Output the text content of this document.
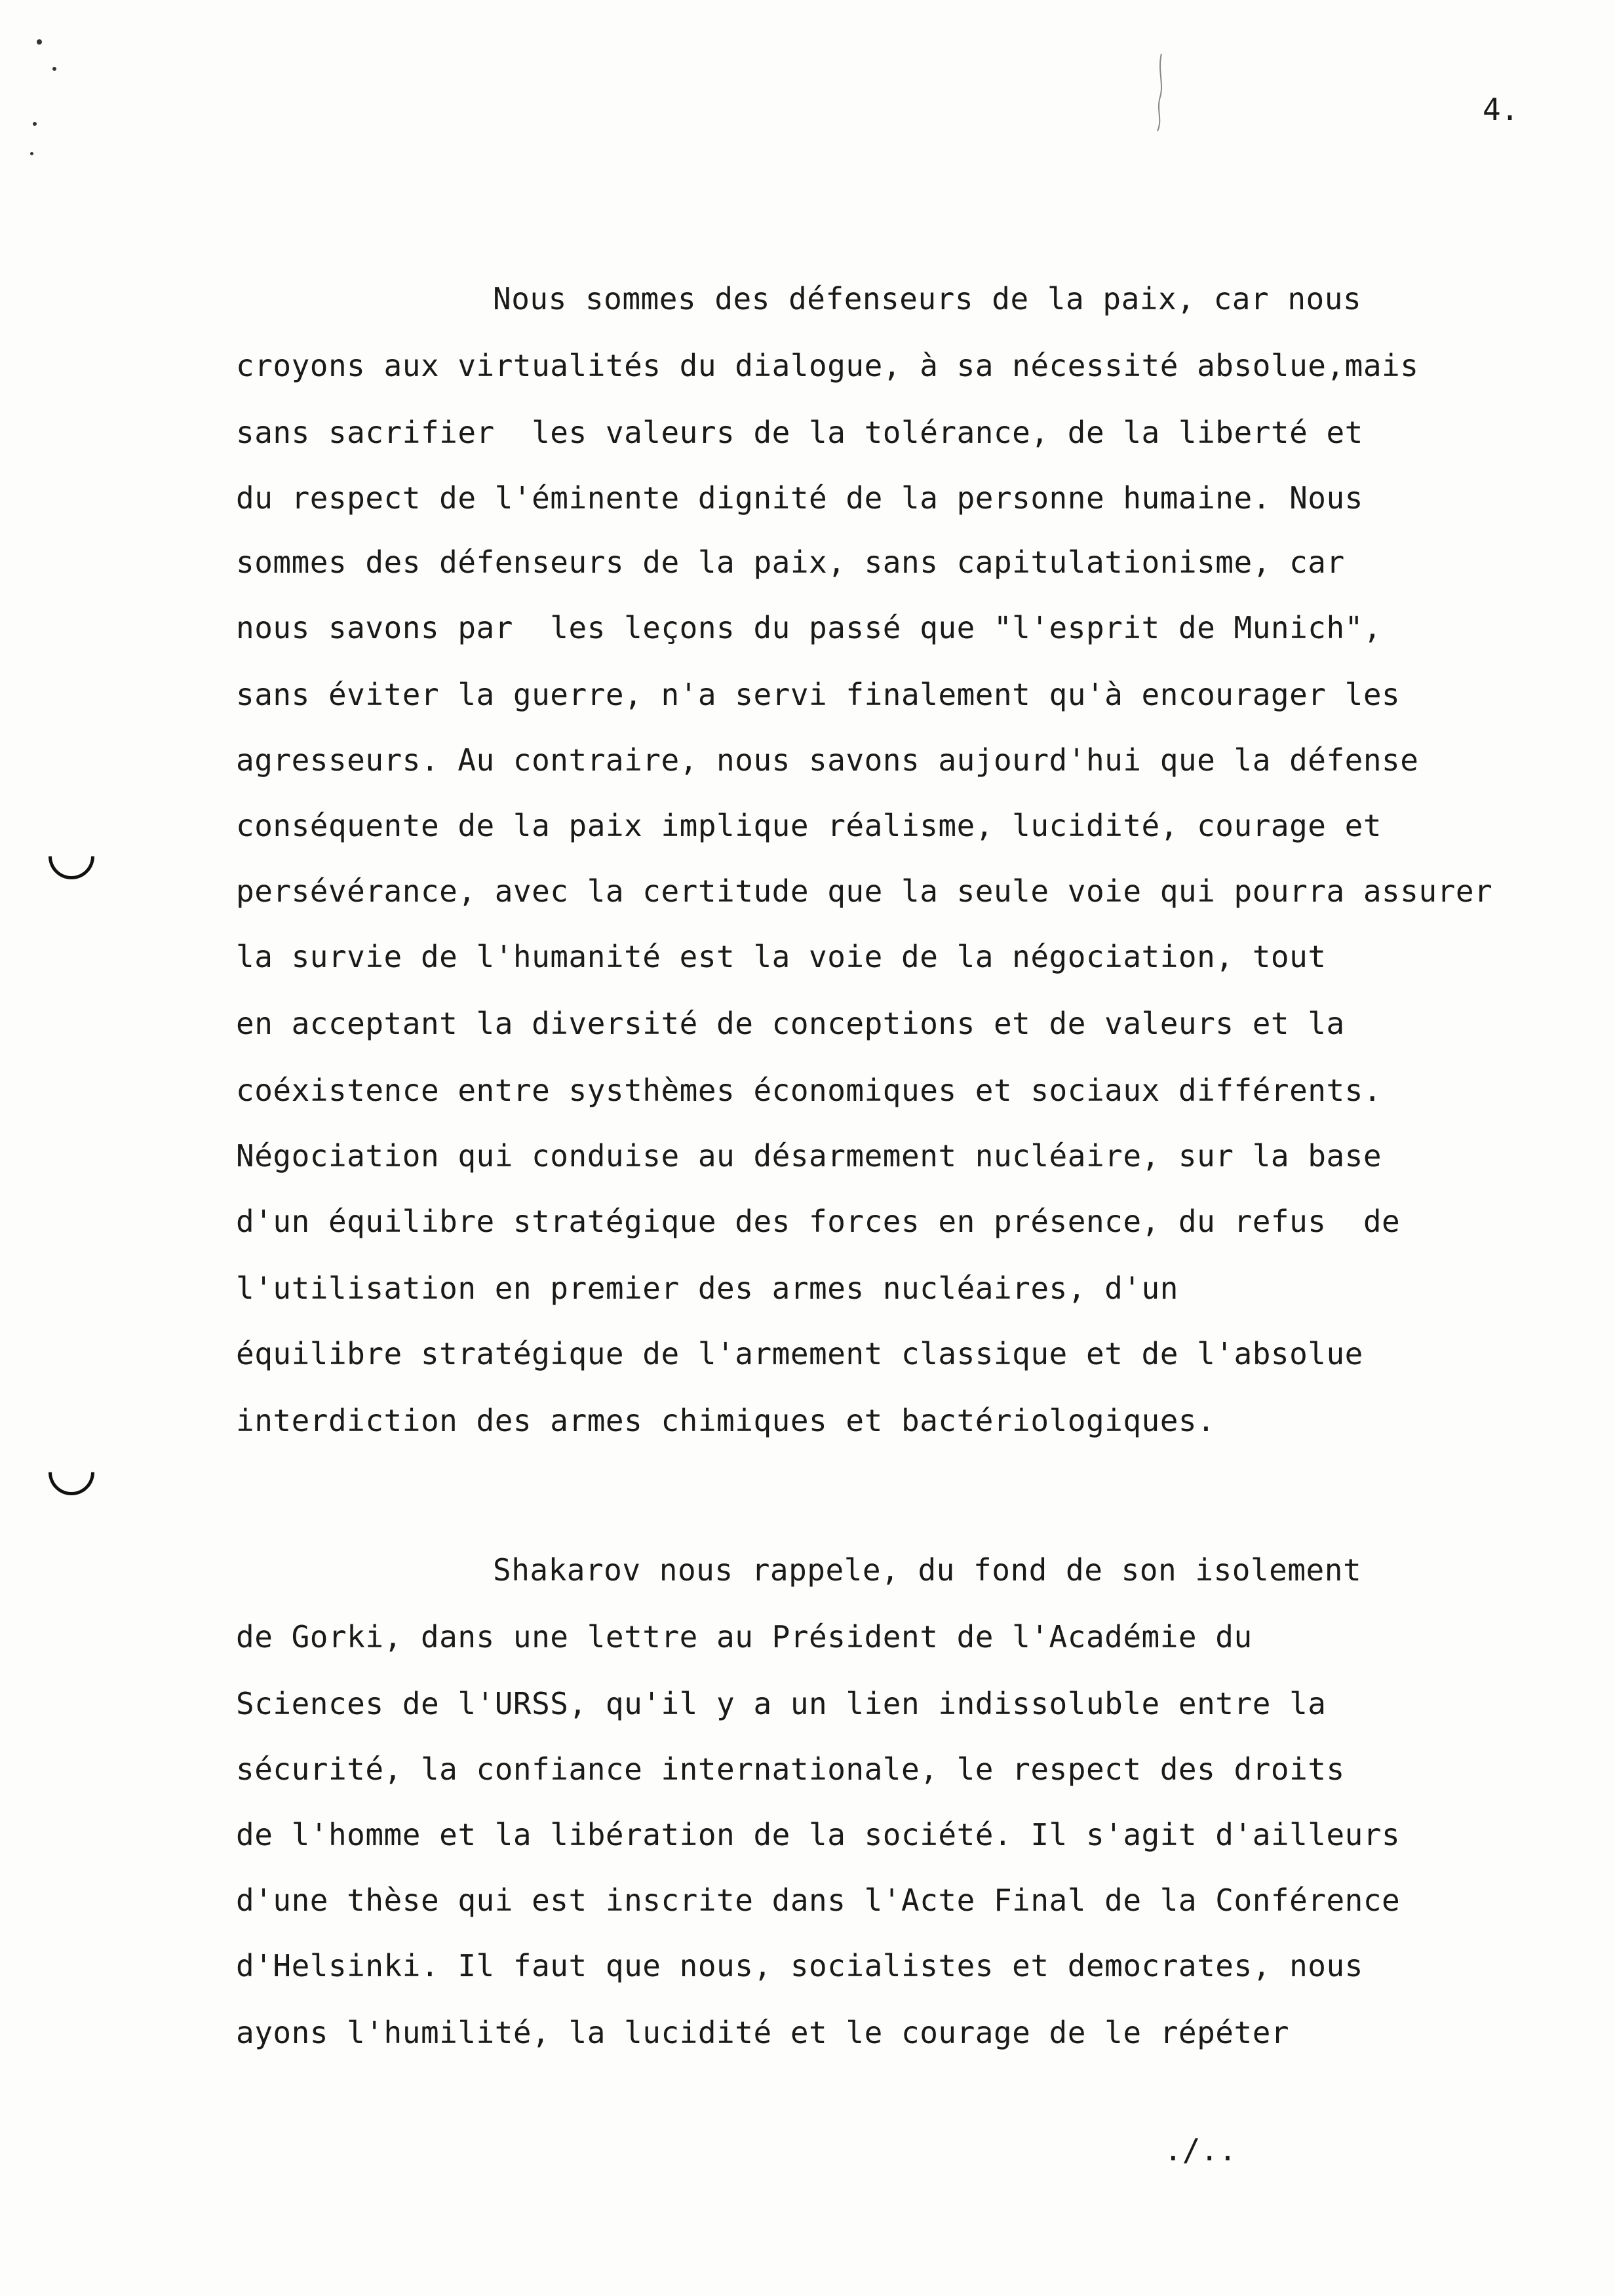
4.
Nous sommes des défenseurs de la paix, car nous
croyons aux virtualités du dialogue, à sa nécessité absolue,mais
sans sacrifier  les valeurs de la tolérance, de la liberté et
du respect de l'éminente dignité de la personne humaine. Nous
sommes des défenseurs de la paix, sans capitulationisme, car
nous savons par  les leçons du passé que "l'esprit de Munich",
sans éviter la guerre, n'a servi finalement qu'à encourager les
agresseurs. Au contraire, nous savons aujourd'hui que la défense
conséquente de la paix implique réalisme, lucidité, courage et
persévérance, avec la certitude que la seule voie qui pourra assurer
la survie de l'humanité est la voie de la négociation, tout
en acceptant la diversité de conceptions et de valeurs et la
coéxistence entre systhèmes économiques et sociaux différents.
Négociation qui conduise au désarmement nucléaire, sur la base
d'un équilibre stratégique des forces en présence, du refus  de
l'utilisation en premier des armes nucléaires, d'un
équilibre stratégique de l'armement classique et de l'absolue
interdiction des armes chimiques et bactériologiques.
Shakarov nous rappele, du fond de son isolement
de Gorki, dans une lettre au Président de l'Académie du
Sciences de l'URSS, qu'il y a un lien indissoluble entre la
sécurité, la confiance internationale, le respect des droits
de l'homme et la libération de la société. Il s'agit d'ailleurs
d'une thèse qui est inscrite dans l'Acte Final de la Conférence
d'Helsinki. Il faut que nous, socialistes et democrates, nous
ayons l'humilité, la lucidité et le courage de le répéter
./..
